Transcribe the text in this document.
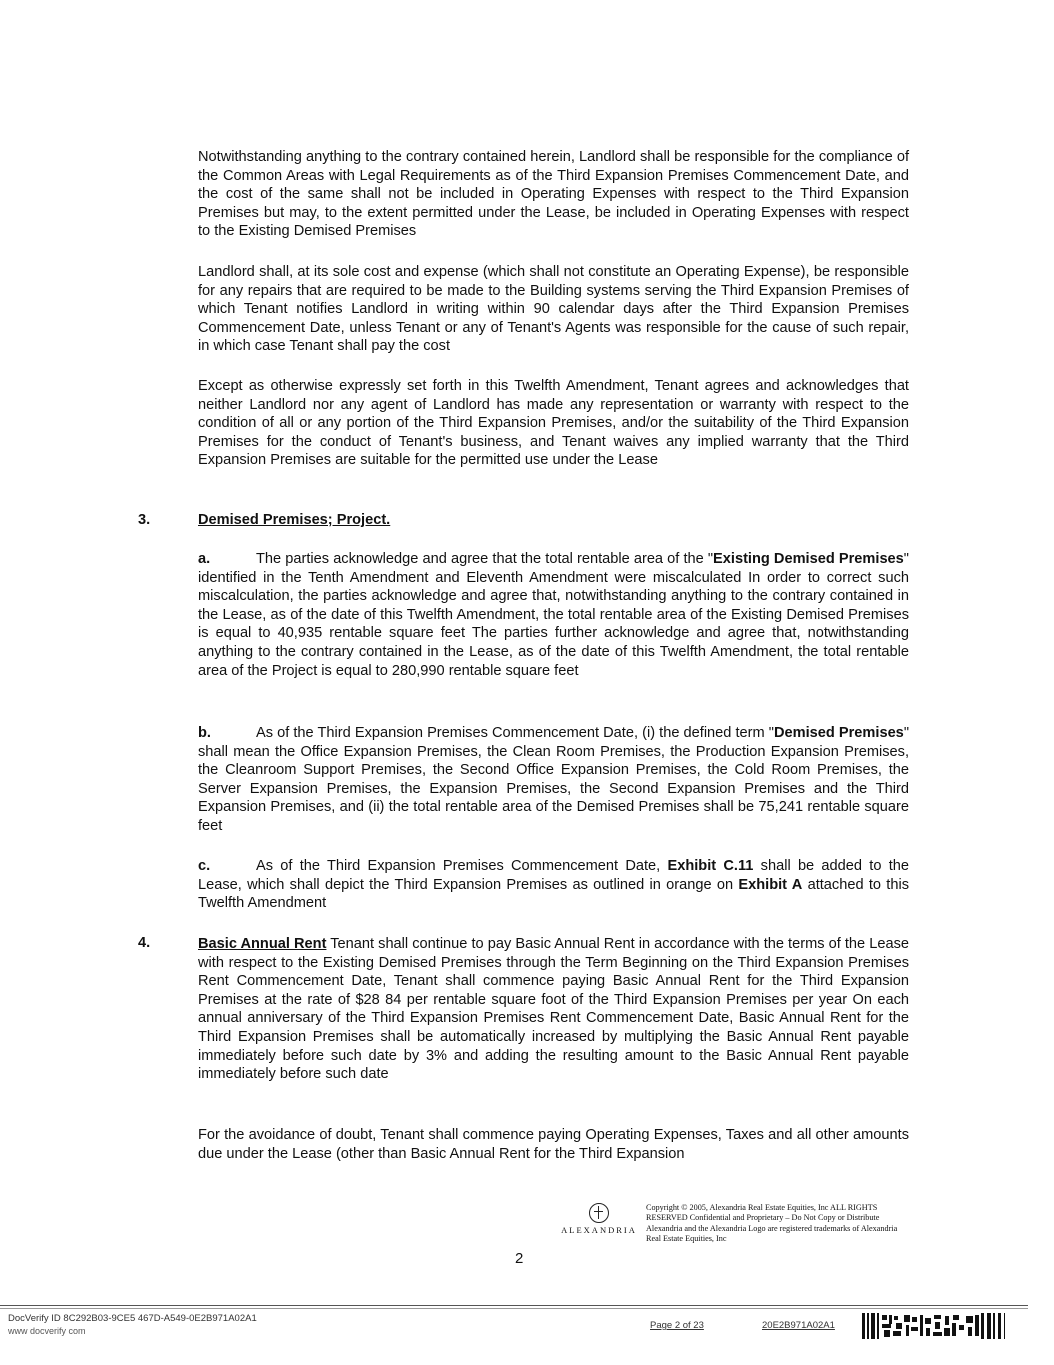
Notwithstanding anything to the contrary contained herein, Landlord shall be responsible for the compliance of the Common Areas with Legal Requirements as of the Third Expansion Premises Commencement Date, and the cost of the same shall not be included in Operating Expenses with respect to the Third Expansion Premises but may, to the extent permitted under the Lease, be included in Operating Expenses with respect to the Existing Demised Premises

Landlord shall, at its sole cost and expense (which shall not constitute an Operating Expense), be responsible for any repairs that are required to be made to the Building systems serving the Third Expansion Premises of which Tenant notifies Landlord in writing within 90 calendar days after the Third Expansion Premises Commencement Date, unless Tenant or any of Tenant's Agents was responsible for the cause of such repair, in which case Tenant shall pay the cost

Except as otherwise expressly set forth in this Twelfth Amendment, Tenant agrees and acknowledges that neither Landlord nor any agent of Landlord has made any representation or warranty with respect to the condition of all or any portion of the Third Expansion Premises, and/or the suitability of the Third Expansion Premises for the conduct of Tenant's business, and Tenant waives any implied warranty that the Third Expansion Premises are suitable for the permitted use under the Lease

3.	Demised Premises; Project.

a.	The parties acknowledge and agree that the total rentable area of the "Existing Demised Premises" identified in the Tenth Amendment and Eleventh Amendment were miscalculated In order to correct such miscalculation, the parties acknowledge and agree that, notwithstanding anything to the contrary contained in the Lease, as of the date of this Twelfth Amendment, the total rentable area of the Existing Demised Premises is equal to 40,935 rentable square feet The parties further acknowledge and agree that, notwithstanding anything to the contrary contained in the Lease, as of the date of this Twelfth Amendment, the total rentable area of the Project is equal to 280,990 rentable square feet

b.	As of the Third Expansion Premises Commencement Date, (i) the defined term "Demised Premises" shall mean the Office Expansion Premises, the Clean Room Premises, the Production Expansion Premises, the Cleanroom Support Premises, the Second Office Expansion Premises, the Cold Room Premises, the Server Expansion Premises, the Expansion Premises, the Second Expansion Premises and the Third Expansion Premises, and (ii) the total rentable area of the Demised Premises shall be 75,241 rentable square feet

c.	As of the Third Expansion Premises Commencement Date, Exhibit C.11 shall be added to the Lease, which shall depict the Third Expansion Premises as outlined in orange on Exhibit A attached to this Twelfth Amendment

4.	Basic Annual Rent Tenant shall continue to pay Basic Annual Rent in accordance with the terms of the Lease with respect to the Existing Demised Premises through the Term Beginning on the Third Expansion Premises Rent Commencement Date, Tenant shall commence paying Basic Annual Rent for the Third Expansion Premises at the rate of $28 84 per rentable square foot of the Third Expansion Premises per year On each annual anniversary of the Third Expansion Premises Rent Commencement Date, Basic Annual Rent for the Third Expansion Premises shall be automatically increased by multiplying the Basic Annual Rent payable immediately before such date by 3% and adding the resulting amount to the Basic Annual Rent payable immediately before such date

For the avoidance of doubt, Tenant shall commence paying Operating Expenses, Taxes and all other amounts due under the Lease (other than Basic Annual Rent for the Third Expansion

ALEXANDRIA
Copyright © 2005, Alexandria Real Estate Equities, Inc ALL RIGHTS RESERVED Confidential and Proprietary – Do Not Copy or Distribute Alexandria and the Alexandria Logo are registered trademarks of Alexandria Real Estate Equities, Inc
2
DocVerify ID 8C292B03-9CE5 467D-A549-0E2B971A02A1
www docverify com	Page 2 of 23	20E2B971A02A1
